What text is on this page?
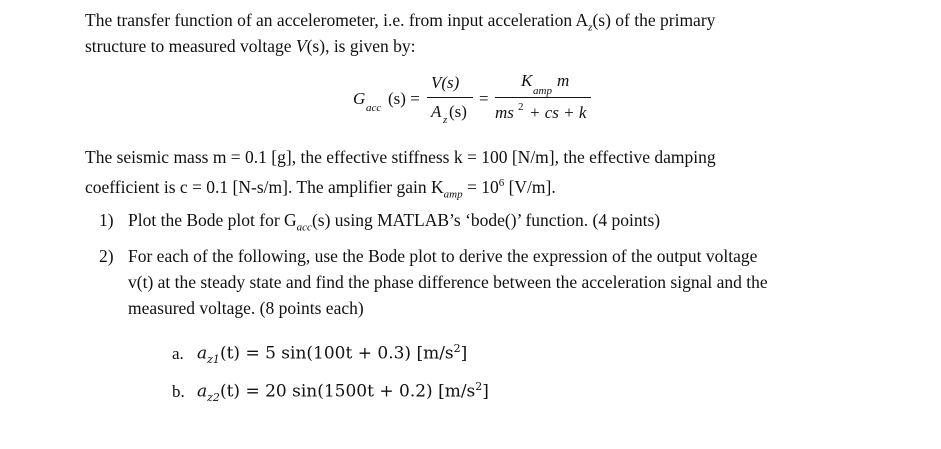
The transfer function of an accelerometer, i.e. from input acceleration $A_z(s)$ of the primary
structure to measured voltage V(s), is given by:
G acc (s) =
V(s)
A z (s)
=
K
amp
m
ms 2 + cs + k
The seismic mass m = 0.1 [g], the effective stiffness k = 100 [N/m], the effective damping
coefficient is c = 0.1 [N-s/m]. The amplifier gain $K_{amp} = 10^6$ [V/m].
1) Plot the Bode plot for $G_{acc}(s)$ using MATLAB’s ‘bode()’ function. (4 points)
2) For each of the following, use the Bode plot to derive the expression of the output voltage
v(t) at the steady state and find the phase difference between the acceleration signal and the
measured voltage. (8 points each)
a. $a_{z1}(t) = 5$ sin(100t + 0.3) $[m/s^2]$
b. $a_{z2}(t) = 20$ sin(1500t + 0.2) $[m/s^2]$
